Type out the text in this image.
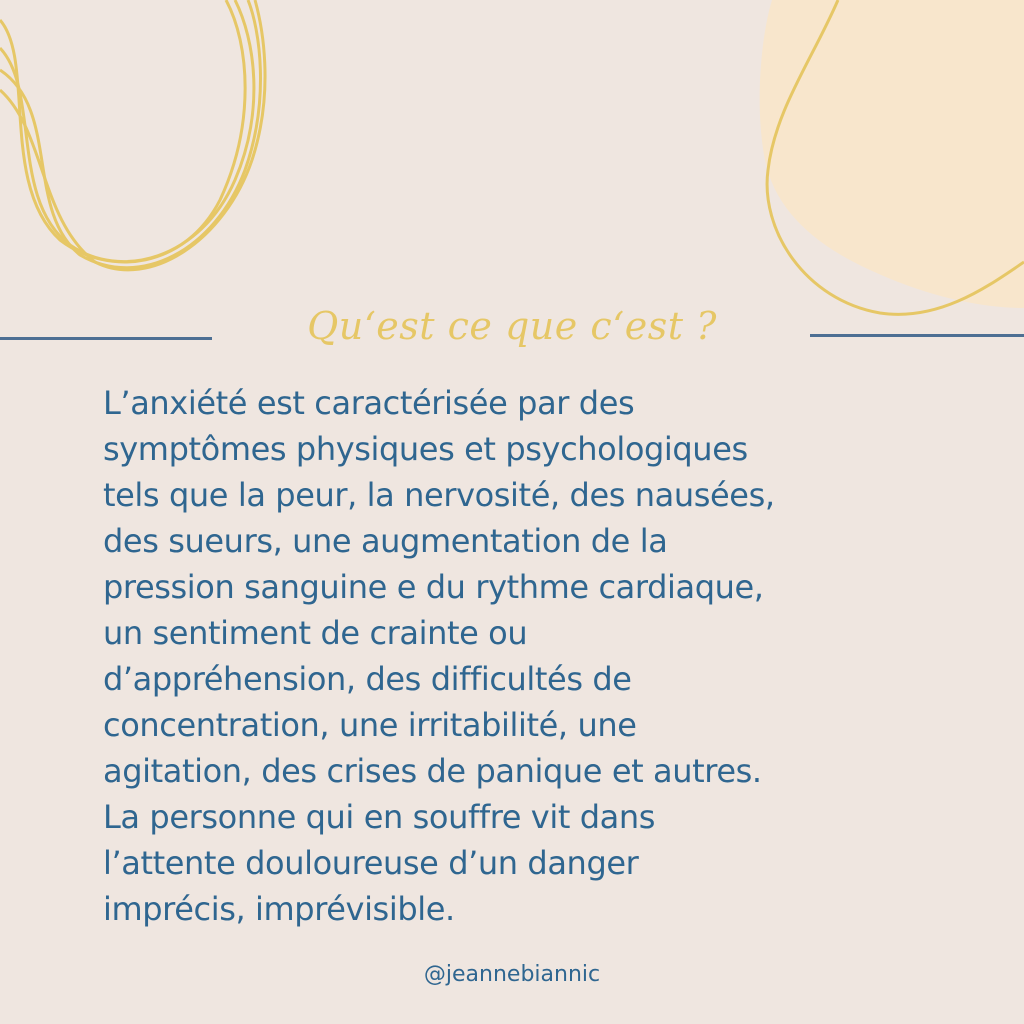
Qu‘est ce que c‘est ?
L’anxiété est caractérisée par des
symptômes physiques et psychologiques
tels que la peur, la nervosité, des nausées,
des sueurs, une augmentation de la
pression sanguine e du rythme cardiaque,
un sentiment de crainte ou
d’appréhension, des difficultés de
concentration, une irritabilité, une
agitation, des crises de panique et autres.
La personne qui en souffre vit dans
l’attente douloureuse d’un danger
imprécis, imprévisible.
@jeannebiannic
